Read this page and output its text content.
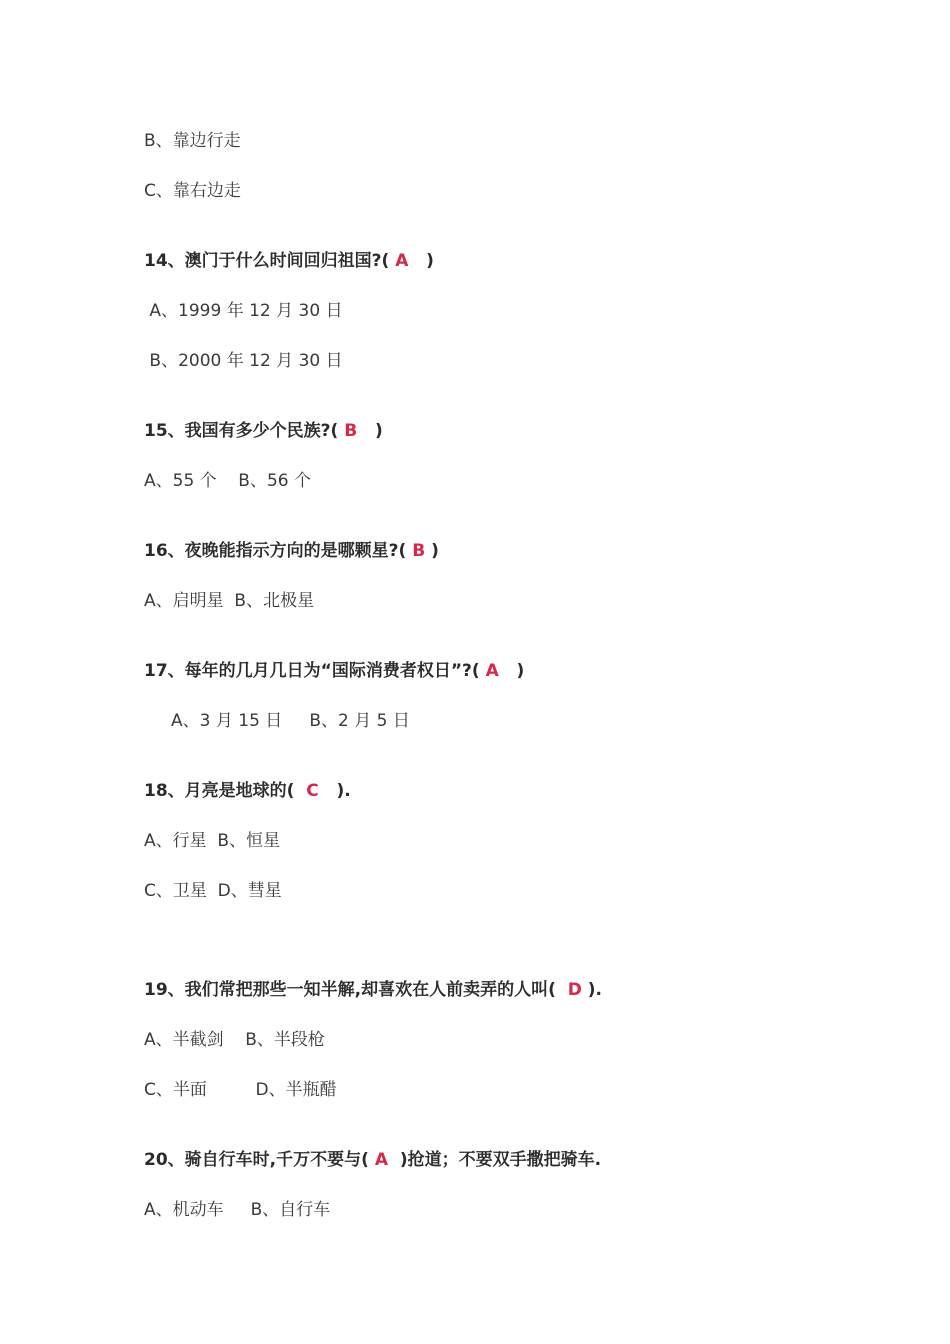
B、靠边行走
C、靠右边走
14、澳门于什么时间回归祖国?( A   )
A、1999 年 12 月 30 日
B、2000 年 12 月 30 日
15、我国有多少个民族?( B   )
A、55 个    B、56 个
16、夜晚能指示方向的是哪颗星?( B )
A、启明星  B、北极星
17、每年的几月几日为“国际消费者权日”?( A   )
A、3 月 15 日     B、2 月 5 日
18、月亮是地球的(  C   ).
A、行星  B、恒星
C、卫星  D、彗星
19、我们常把那些一知半解,却喜欢在人前卖弄的人叫(  D ).
A、半截剑    B、半段枪
C、半面         D、半瓶醋
20、骑自行车时,千万不要与( A  )抢道；不要双手撒把骑车.
A、机动车     B、自行车
